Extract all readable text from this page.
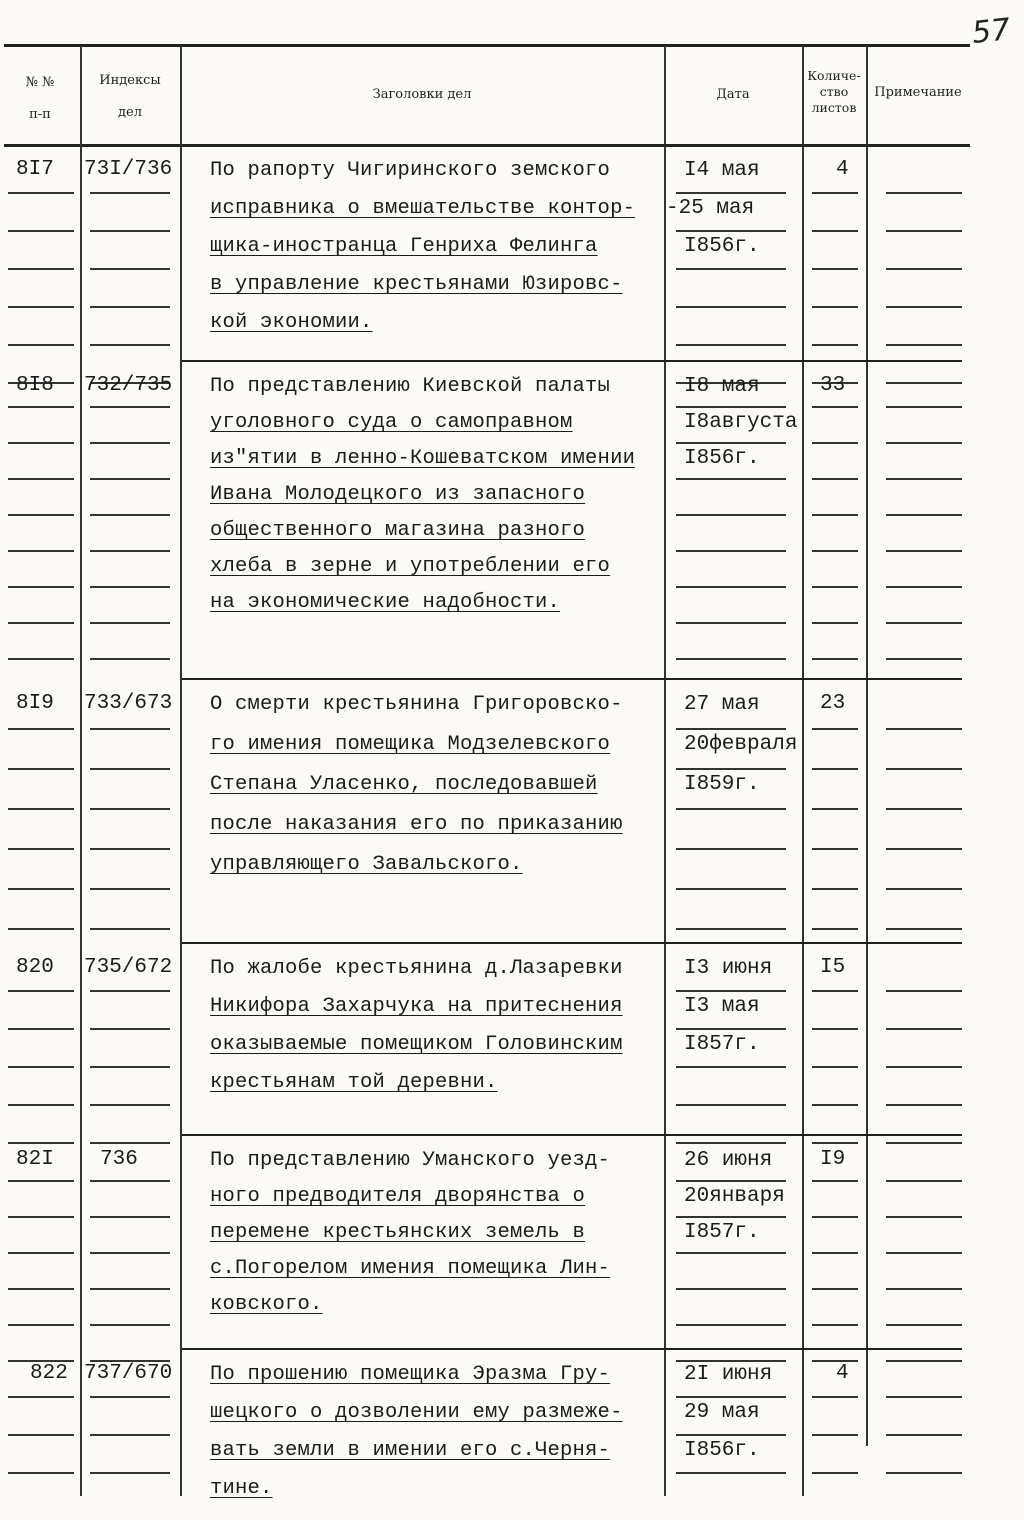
57
№ №
п-п
Индексы
дел
Заголовки дел	Дата
Количе-ство листов
Примечание
8I7 73I/736 По рапорту Чигиринского земского
исправника о вмешательстве контор-
щика-иностранца Генриха Фелинга
в управление крестьянами Юзировс-
кой экономии.
I4 мая
-25 мая
I856г.
4
8I8 732/735 По представлению Киевской палаты
уголовного суда о самоправном
из"ятии в ленно-Кошеватском имении
Ивана Молодецкого из запасного
общественного магазина разного
хлеба в зерне и употреблении его
на экономические надобности.
I8 мая
I8августа
I856г.
33
8I9 733/673 О смерти крестьянина Григоровско-
го имения помещика Модзелевского
Степана Уласенко, последовавшей
после наказания его по приказанию
управляющего Завальского.
27 мая
20февраля
I859г.
23
820 735/672 По жалобе крестьянина д.Лазаревки
Никифора Захарчука на притеснения
оказываемые помещиком Головинским
крестьянам той деревни.
I3 июня
I3 мая
I857г.
I5
82I 736	По представлению Уманского уезд-
ного предводителя дворянства о
перемене крестьянских земель в
с.Погорелом имения помещика Лин-
ковского.
26 июня
20января
I857г.
I9
822 737/670 По прошению помещика Эразма Гру-
шецкого о дозволении ему размеже-
вать земли в имении его с.Черня-
тине.
2I июня
29 мая
I856г.
4
